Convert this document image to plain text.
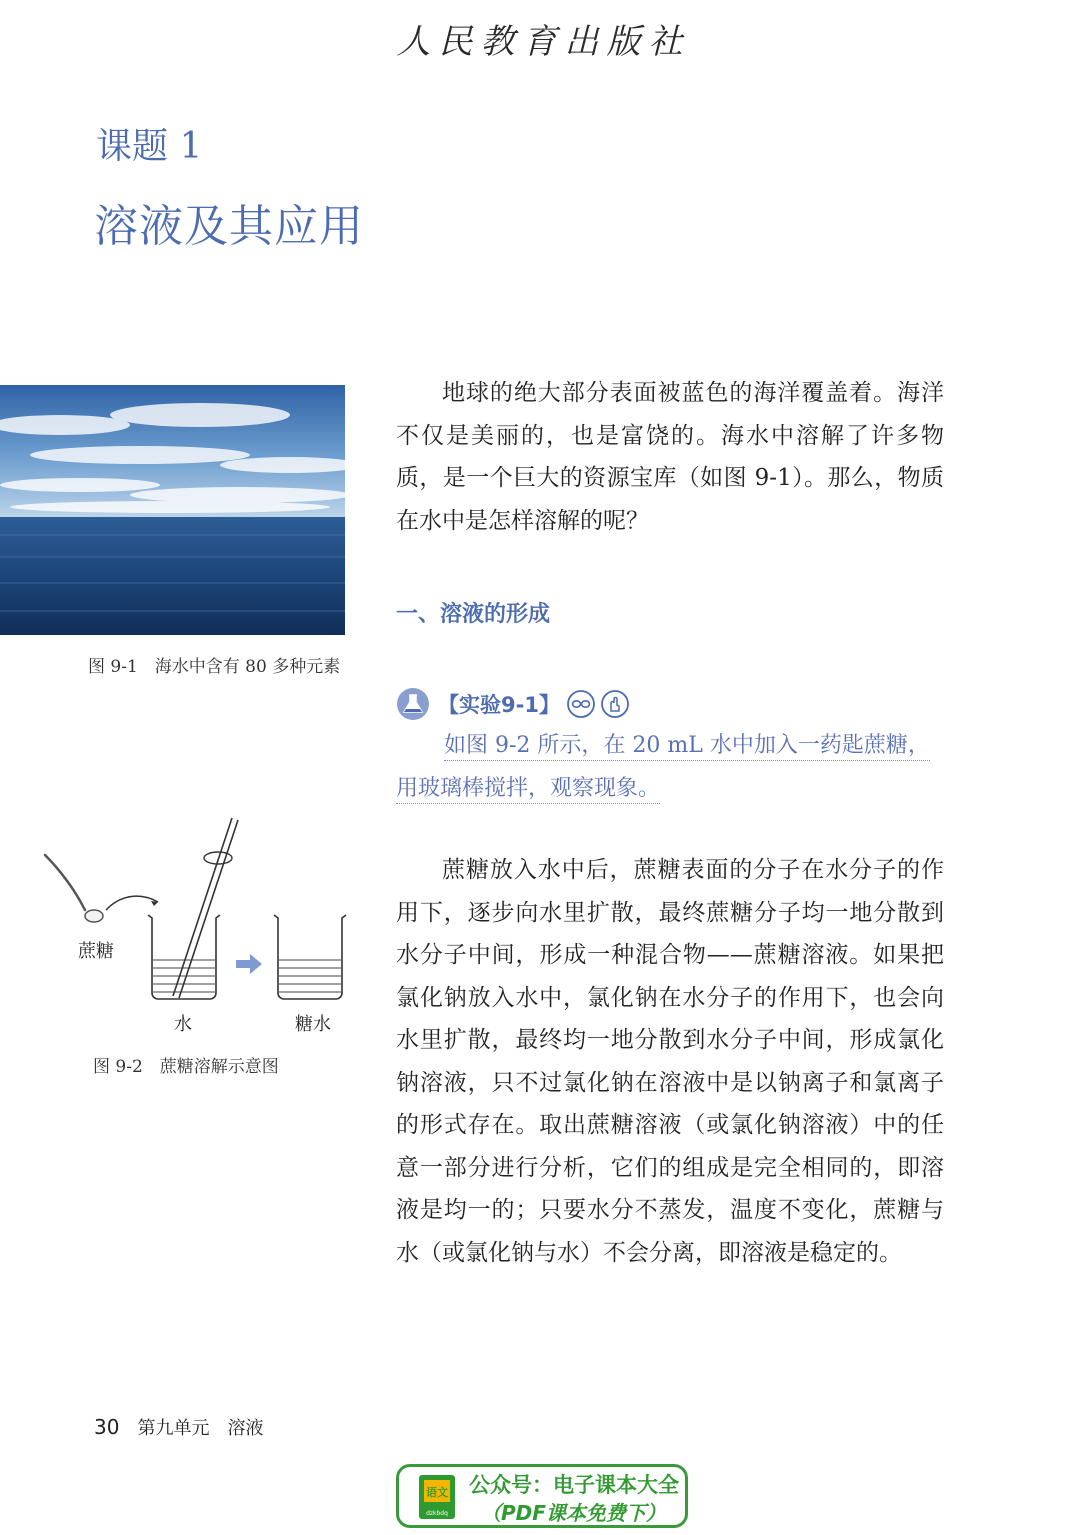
人民教育出版社
课题 1
溶液及其应用
图 9-1　海水中含有 80 多种元素
地球的绝大部分表面被蓝色的海洋覆盖着。海洋不仅是美丽的，也是富饶的。海水中溶解了许多物质，是一个巨大的资源宝库（如图 9-1）。那么，物质在水中是怎样溶解的呢？
一、溶液的形成
【实验9-1】
如图 9-2 所示，在 20 mL 水中加入一药匙蔗糖，用玻璃棒搅拌，观察现象。
蔗糖
水	糖水
图 9-2　蔗糖溶解示意图
蔗糖放入水中后，蔗糖表面的分子在水分子的作用下，逐步向水里扩散，最终蔗糖分子均一地分散到水分子中间，形成一种混合物——蔗糖溶液。如果把氯化钠放入水中，氯化钠在水分子的作用下，也会向水里扩散，最终均一地分散到水分子中间，形成氯化钠溶液，只不过氯化钠在溶液中是以钠离子和氯离子的形式存在。取出蔗糖溶液（或氯化钠溶液）中的任意一部分进行分析，它们的组成是完全相同的，即溶液是均一的；只要水分不蒸发，温度不变化，蔗糖与水（或氯化钠与水）不会分离，即溶液是稳定的。
30 第九单元　溶液
语文
dzkbdq
公众号：电子课本大全
（PDF课本免费下）
